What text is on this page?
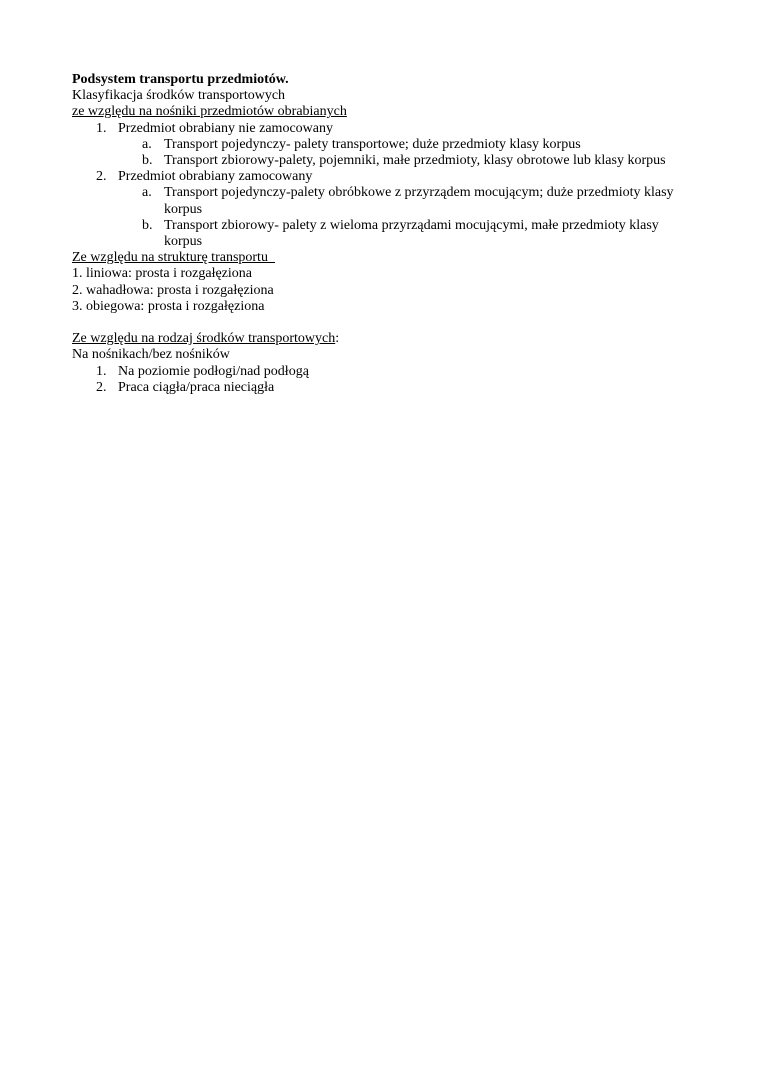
Podsystem transportu przedmiotów.
Klasyfikacja środków transportowych
ze względu na nośniki przedmiotów obrabianych
1. Przedmiot obrabiany nie zamocowany
a. Transport pojedynczy- palety transportowe; duże przedmioty klasy korpus
b. Transport zbiorowy-palety, pojemniki, małe przedmioty, klasy obrotowe lub klasy korpus
2. Przedmiot obrabiany zamocowany
a. Transport pojedynczy-palety obróbkowe z przyrządem mocującym; duże przedmioty klasy korpus
b. Transport zbiorowy- palety z wieloma przyrządami mocującymi, małe przedmioty klasy korpus
Ze względu na strukturę transportu
1. liniowa: prosta i rozgałęziona
2. wahadłowa: prosta i rozgałęziona
3. obiegowa: prosta i rozgałęziona
Ze względu na rodzaj środków transportowych:
Na nośnikach/bez nośników
1. Na poziomie podłogi/nad podłogą
2. Praca ciągła/praca nieciągła
